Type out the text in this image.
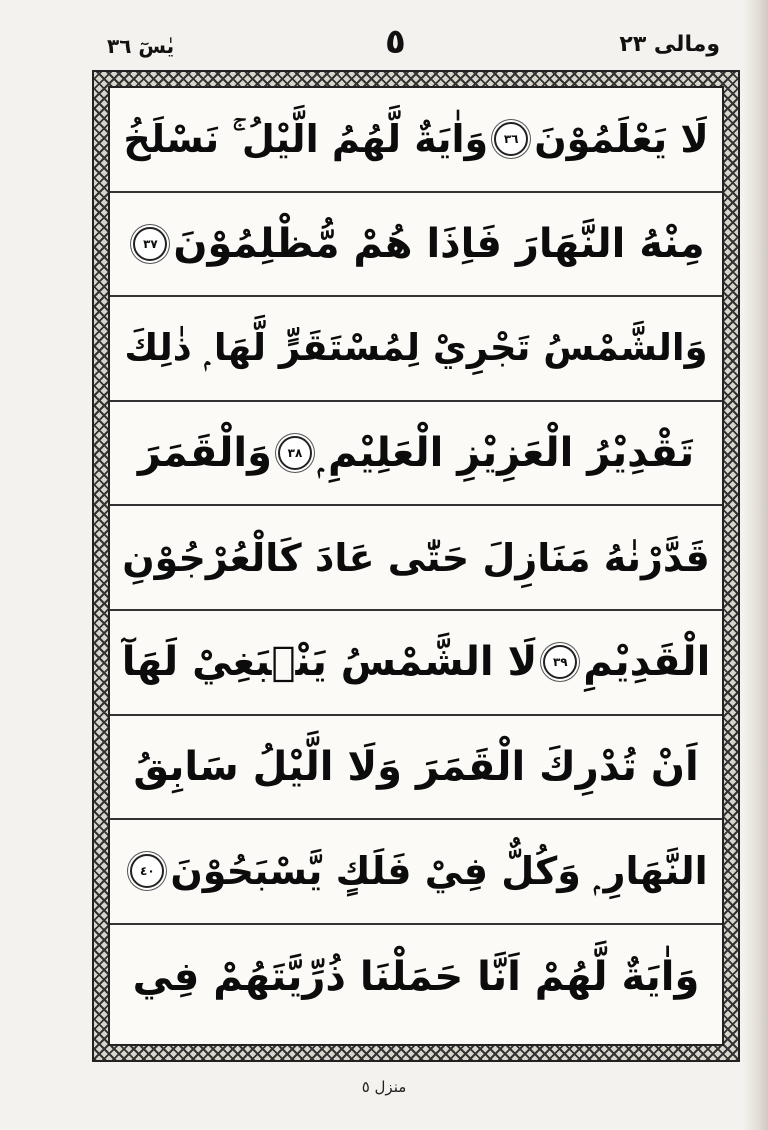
يٰسٓ ٣٦	٥	ومالى ٢٣
لَا يَعْلَمُوْنَ
٣٦
وَاٰيَةٌ لَّهُمُ الَّيْلُ ۚ نَسْلَخُ
مِنْهُ النَّهَارَ فَاِذَا هُمْ مُّظْلِمُوْنَ
٣٧
وَالشَّمْسُ تَجْرِيْ لِمُسْتَقَرٍّ لَّهَا ۭ ذٰلِكَ
تَقْدِيْرُ الْعَزِيْزِ الْعَلِيْمِ ۭ
٣٨
وَالْقَمَرَ
قَدَّرْنٰهُ مَنَازِلَ حَتّٰى عَادَ كَالْعُرْجُوْنِ
الْقَدِيْمِ
٣٩
لَا الشَّمْسُ يَنْۢبَغِيْ لَهَآ
اَنْ تُدْرِكَ الْقَمَرَ وَلَا الَّيْلُ سَابِقُ
النَّهَارِ ۭ وَكُلٌّ فِيْ فَلَكٍ يَّسْبَحُوْنَ
٤٠
وَاٰيَةٌ لَّهُمْ اَنَّا حَمَلْنَا ذُرِّيَّتَهُمْ فِي
منزل ٥
